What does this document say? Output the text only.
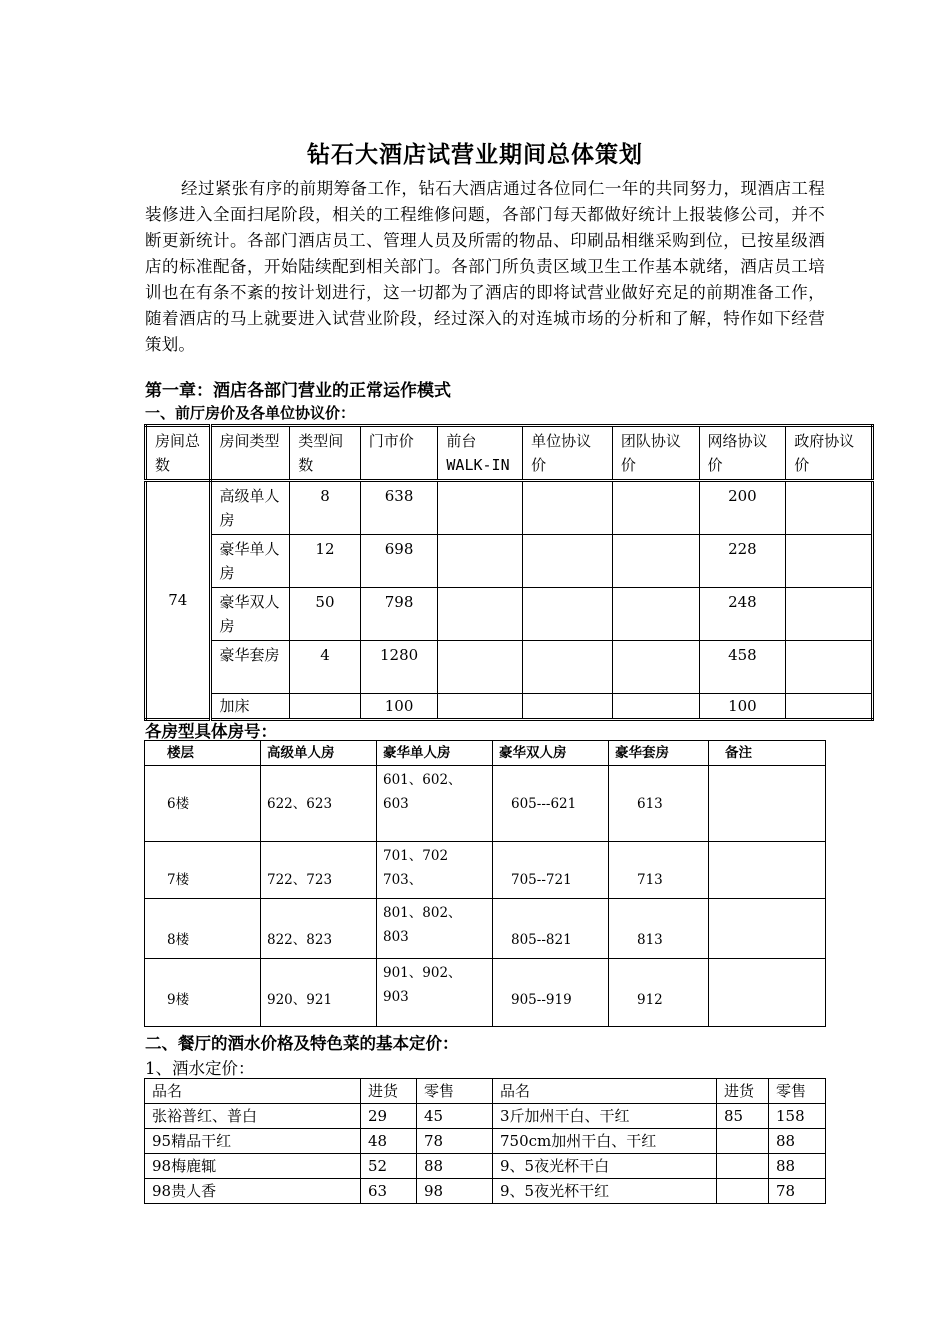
钻石大酒店试营业期间总体策划

经过紧张有序的前期筹备工作，钻石大酒店通过各位同仁一年的共同努力，现酒店工程装修进入全面扫尾阶段，相关的工程维修问题，各部门每天都做好统计上报装修公司，并不断更新统计。各部门酒店员工、管理人员及所需的物品、印刷品相继采购到位，已按星级酒店的标准配备，开始陆续配到相关部门。各部门所负责区域卫生工作基本就绪，酒店员工培训也在有条不紊的按计划进行，这一切都为了酒店的即将试营业做好充足的前期准备工作，随着酒店的马上就要进入试营业阶段，经过深入的对连城市场的分析和了解，特作如下经营策划。

第一章：酒店各部门营业的正常运作模式
一、前厅房价及各单位协议价：
房间总数	房间类型	类型间数	门市价	前台WALK-IN	单位协议价	团队协议价	网络协议价	政府协议价
74	高级单人房	8	638				200	
	豪华单人房	12	698				228	
	豪华双人房	50	798				248	
	豪华套房	4	1280				458	
	加床		100				100	
各房型具体房号：
楼层	高级单人房	豪华单人房	豪华双人房	豪华套房	备注
6楼	622、623	601、602、
603	605---621	613	
7楼	722、723	701、702
703、	705--721	713	
8楼	822、823	801、802、
803	805--821	813	
9楼	920、921	901、902、
903	905--919	912	
二、餐厅的酒水价格及特色菜的基本定价：
1、酒水定价：
品名	进货	零售	品名	进货	零售
张裕普红、普白	29	45	3斤加州干白、干红	85	158
95精品干红	48	78	750cm加州干白、干红		88
98梅鹿辄	52	88	9、5夜光杯干白		88
98贵人香	63	98	9、5夜光杯干红		78
